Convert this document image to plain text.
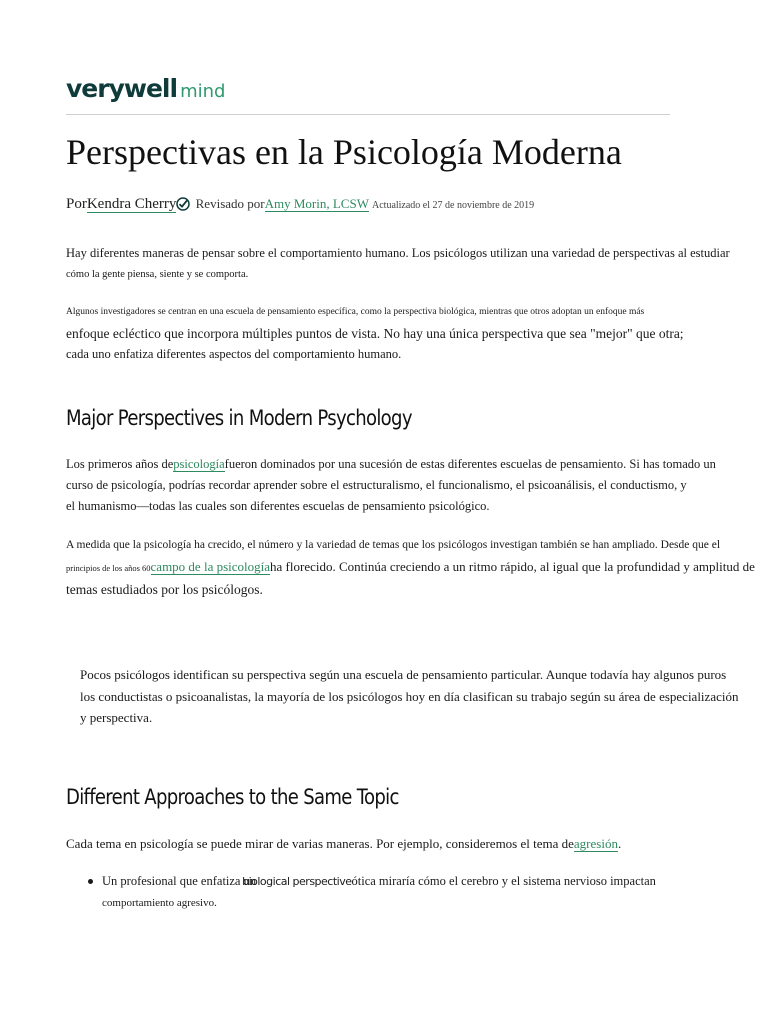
verywell mind
Perspectivas en la Psicología Moderna
PorKendra Cherry Revisado porAmy Morin, LCSW Actualizado el 27 de noviembre de 2019
Hay diferentes maneras de pensar sobre el comportamiento humano. Los psicólogos utilizan una variedad de perspectivas al estudiar
cómo la gente piensa, siente y se comporta.
Algunos investigadores se centran en una escuela de pensamiento específica, como la perspectiva biológica, mientras que otros adoptan un enfoque más
enfoque ecléctico que incorpora múltiples puntos de vista. No hay una única perspectiva que sea "mejor" que otra;
cada uno enfatiza diferentes aspectos del comportamiento humano.
Major Perspectives in Modern Psychology
Los primeros años depsicologíafueron dominados por una sucesión de estas diferentes escuelas de pensamiento. Si has tomado un
curso de psicología, podrías recordar aprender sobre el estructuralismo, el funcionalismo, el psicoanálisis, el conductismo, y
el humanismo—todas las cuales son diferentes escuelas de pensamiento psicológico.
A medida que la psicología ha crecido, el número y la variedad de temas que los psicólogos investigan también se han ampliado. Desde que el
principios de los años 60campo de la psicologíaha florecido. Continúa creciendo a un ritmo rápido, al igual que la profundidad y amplitud de
temas estudiados por los psicólogos.
Pocos psicólogos identifican su perspectiva según una escuela de pensamiento particular. Aunque todavía hay algunos puros
los conductistas o psicoanalistas, la mayoría de los psicólogos hoy en día clasifican su trabajo según su área de especialización
y perspectiva.
Different Approaches to the Same Topic
Cada tema en psicología se puede mirar de varias maneras. Por ejemplo, consideremos el tema deagresión.
Un profesional que enfatiza unbiological perspectiveótica miraría cómo el cerebro y el sistema nervioso impactan
comportamiento agresivo.
